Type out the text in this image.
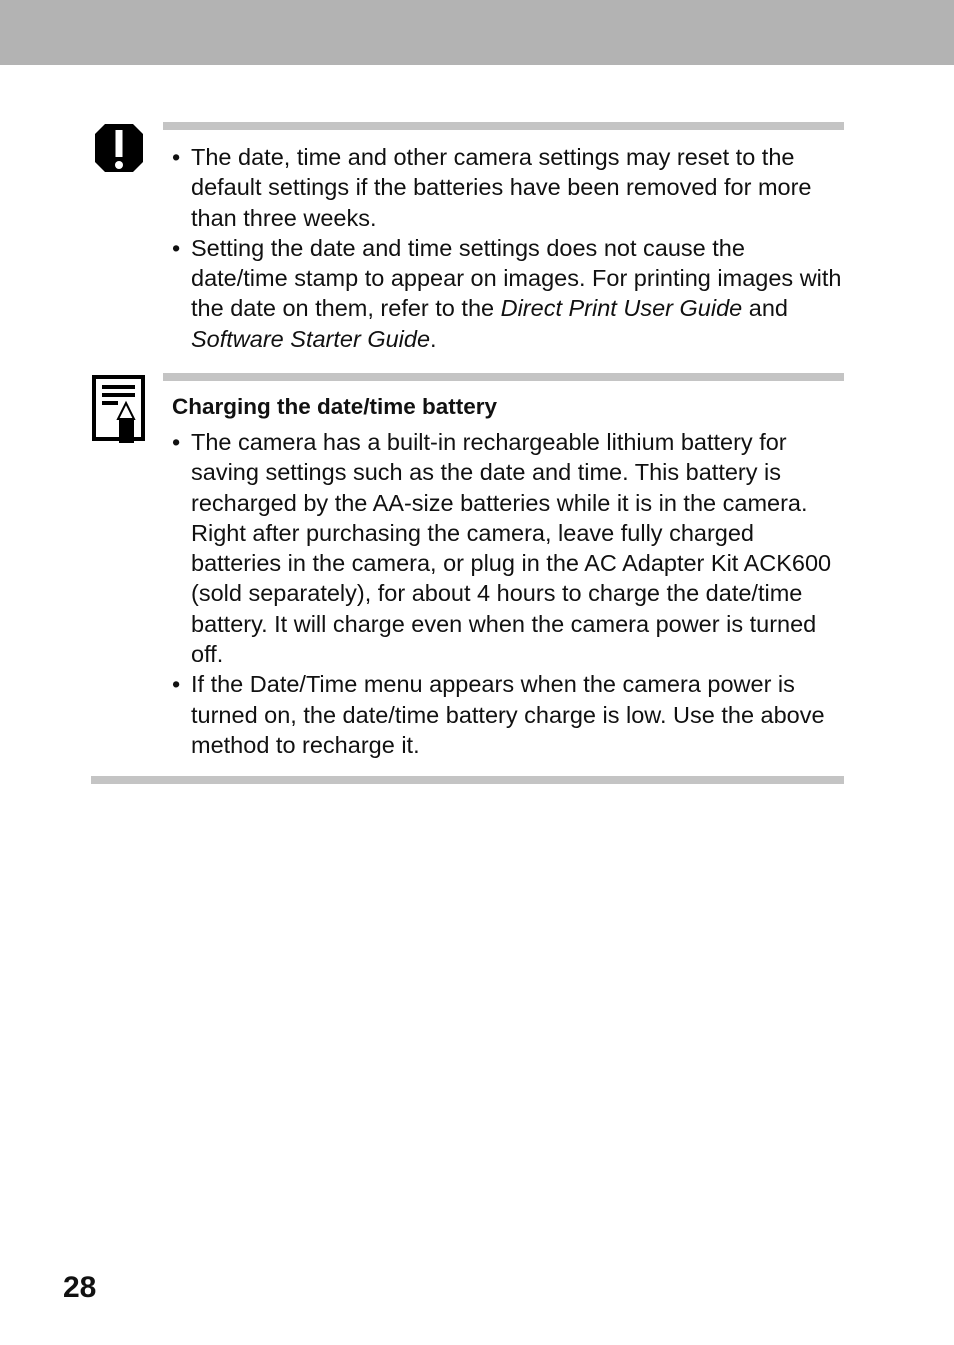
• The date, time and other camera settings may reset to the default settings if the batteries have been removed for more than three weeks.
• Setting the date and time settings does not cause the date/time stamp to appear on images. For printing images with the date on them, refer to the Direct Print User Guide and Software Starter Guide.
Charging the date/time battery
• The camera has a built-in rechargeable lithium battery for saving settings such as the date and time. This battery is recharged by the AA-size batteries while it is in the camera. Right after purchasing the camera, leave fully charged batteries in the camera, or plug in the AC Adapter Kit ACK600 (sold separately), for about 4 hours to charge the date/time battery. It will charge even when the camera power is turned off.
• If the Date/Time menu appears when the camera power is turned on, the date/time battery charge is low. Use the above method to recharge it.
28
